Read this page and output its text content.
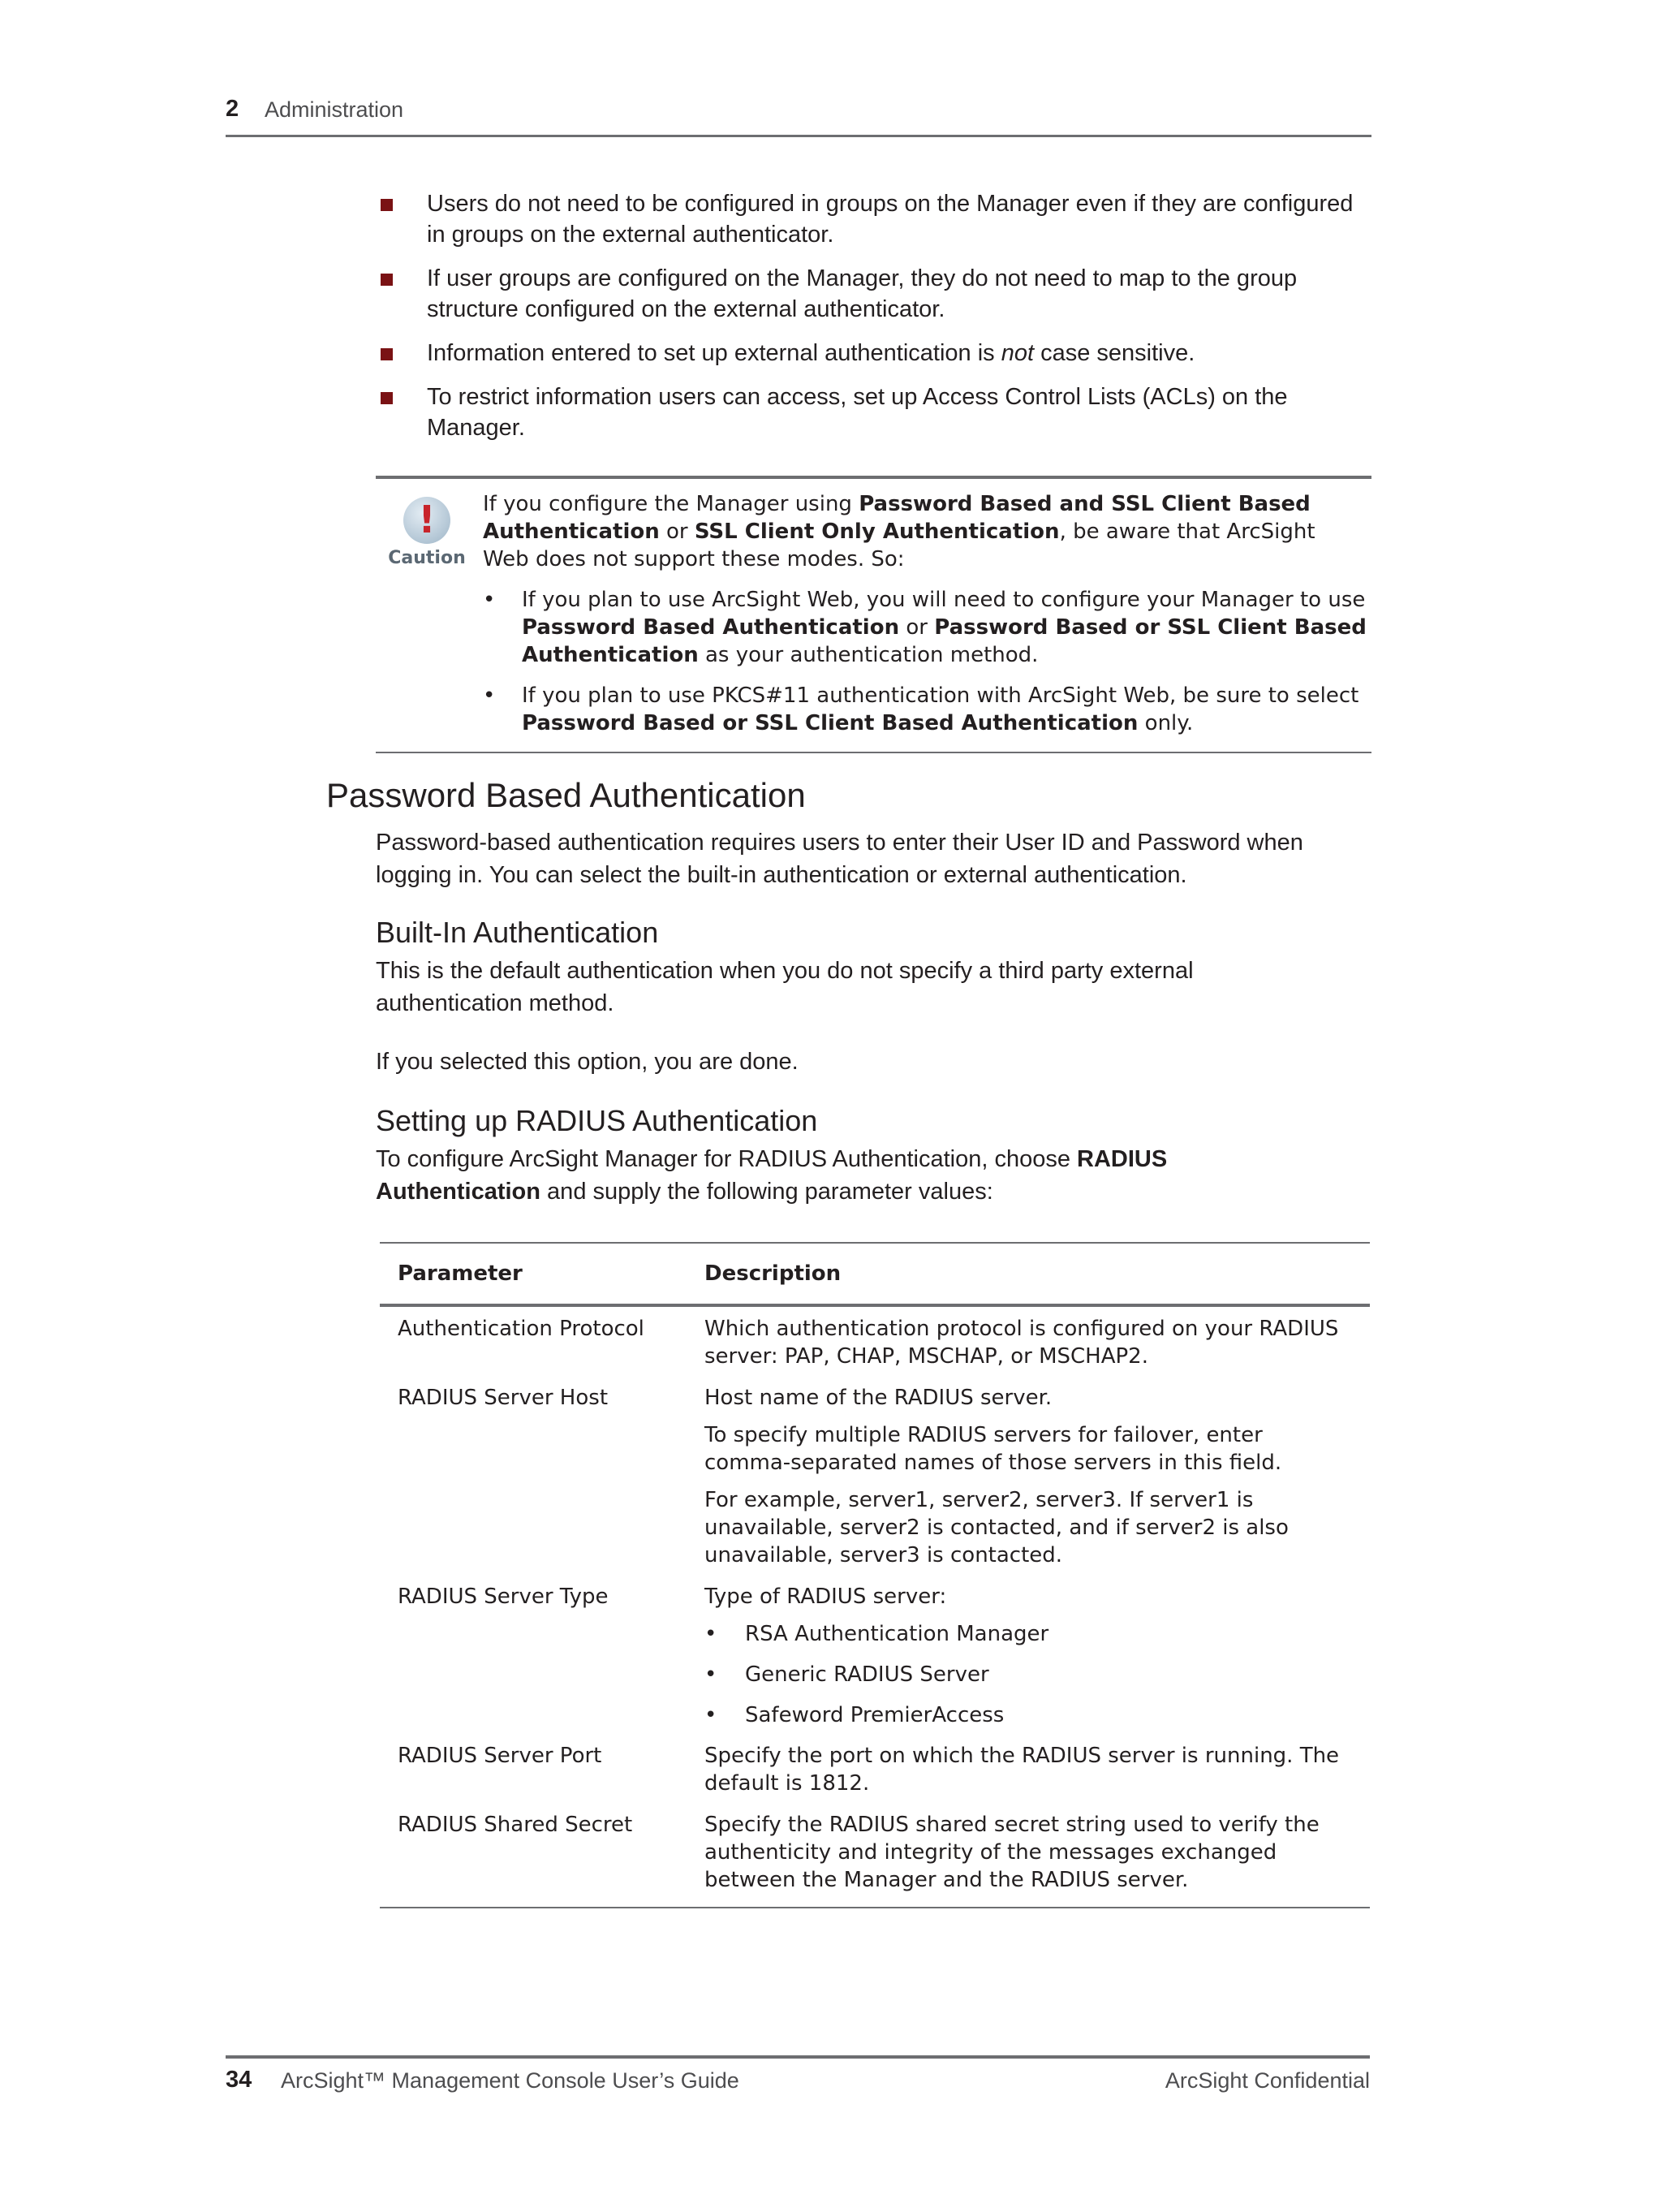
2 Administration
Users do not need to be configured in groups on the Manager even if they are configured in groups on the external authenticator.
If user groups are configured on the Manager, they do not need to map to the group structure configured on the external authenticator.
Information entered to set up external authentication is not case sensitive.
To restrict information users can access, set up Access Control Lists (ACLs) on the Manager.
!
Caution
If you configure the Manager using Password Based and SSL Client Based Authentication or SSL Client Only Authentication, be aware that ArcSight Web does not support these modes. So:
• If you plan to use ArcSight Web, you will need to configure your Manager to use Password Based Authentication or Password Based or SSL Client Based Authentication as your authentication method.
• If you plan to use PKCS#11 authentication with ArcSight Web, be sure to select Password Based or SSL Client Based Authentication only.
Password Based Authentication
Password-based authentication requires users to enter their User ID and Password when logging in. You can select the built-in authentication or external authentication.
Built-In Authentication
This is the default authentication when you do not specify a third party external authentication method.
If you selected this option, you are done.
Setting up RADIUS Authentication
To configure ArcSight Manager for RADIUS Authentication, choose RADIUS Authentication and supply the following parameter values:
Parameter	Description
Authentication Protocol	Which authentication protocol is configured on your RADIUS server: PAP, CHAP, MSCHAP, or MSCHAP2.
RADIUS Server Host	Host name of the RADIUS server.
To specify multiple RADIUS servers for failover, enter comma-separated names of those servers in this field.
For example, server1, server2, server3. If server1 is unavailable, server2 is contacted, and if server2 is also unavailable, server3 is contacted.
RADIUS Server Type	Type of RADIUS server:
• RSA Authentication Manager
• Generic RADIUS Server
• Safeword PremierAccess
RADIUS Server Port	Specify the port on which the RADIUS server is running. The default is 1812.
RADIUS Shared Secret	Specify the RADIUS shared secret string used to verify the authenticity and integrity of the messages exchanged between the Manager and the RADIUS server.
34 ArcSight™ Management Console User’s Guide	ArcSight Confidential
